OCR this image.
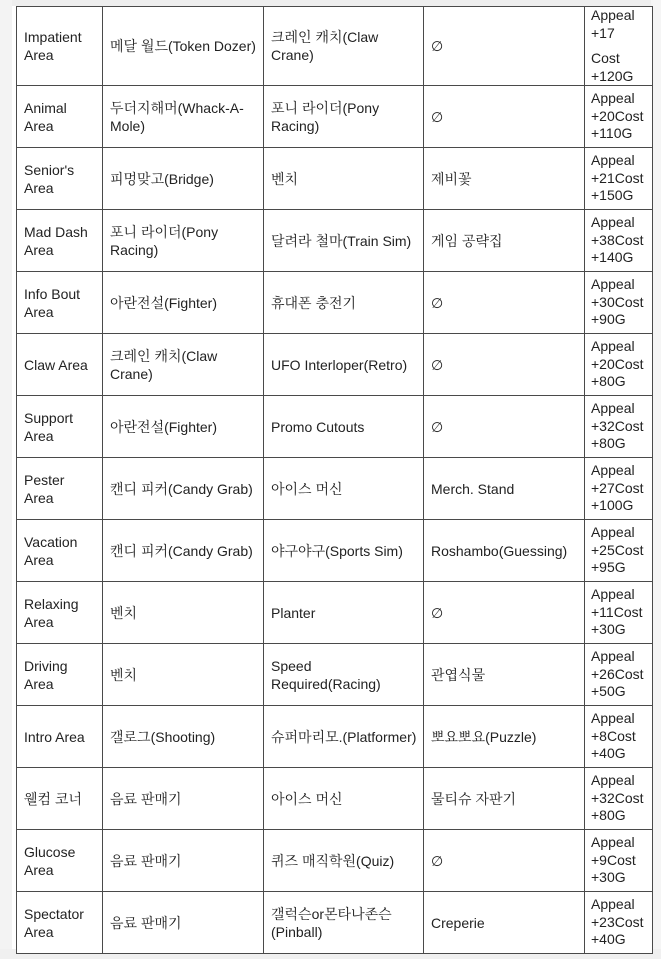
Impatient Area	메달 월드(Token Dozer)	크레인 캐치(Claw Crane)	∅	Appeal +17
Cost +120G

Animal Area	두더지해머(Whack-A-Mole)	포니 라이더(Pony Racing)	∅	Appeal +20Cost +110G
Senior's Area	피멍맞고(Bridge)	벤치	제비꽃	Appeal +21Cost +150G
Mad Dash Area	포니 라이더(Pony Racing)	달려라 철마(Train Sim)	게임 공략집	Appeal +38Cost +140G
Info Bout Area	아란전설(Fighter)	휴대폰 충전기	∅	Appeal +30Cost +90G
Claw Area	크레인 캐치(Claw Crane)	UFO Interloper(Retro)	∅	Appeal +20Cost +80G
Support Area	아란전설(Fighter)	Promo Cutouts	∅	Appeal +32Cost +80G
Pester Area	캔디 피커(Candy Grab)	아이스 머신	Merch. Stand	Appeal +27Cost +100G
Vacation Area	캔디 피커(Candy Grab)	야구야구(Sports Sim)	Roshambo(Guessing)	Appeal +25Cost +95G
Relaxing Area	벤치	Planter	∅	Appeal +11Cost +30G
Driving Area	벤치	Speed Required(Racing)	관엽식물	Appeal +26Cost +50G
Intro Area	갤로그(Shooting)	슈퍼마리모.(Platformer)	뽀요뽀요(Puzzle)	Appeal +8Cost +40G
웰컴 코너	음료 판매기	아이스 머신	물티슈 자판기	Appeal +32Cost +80G
Glucose Area	음료 판매기	퀴즈 매직학원(Quiz)	∅	Appeal +9Cost +30G
Spectator Area	음료 판매기	갤럭슨or몬타나존슨(Pinball)	Creperie	Appeal +23Cost +40G
